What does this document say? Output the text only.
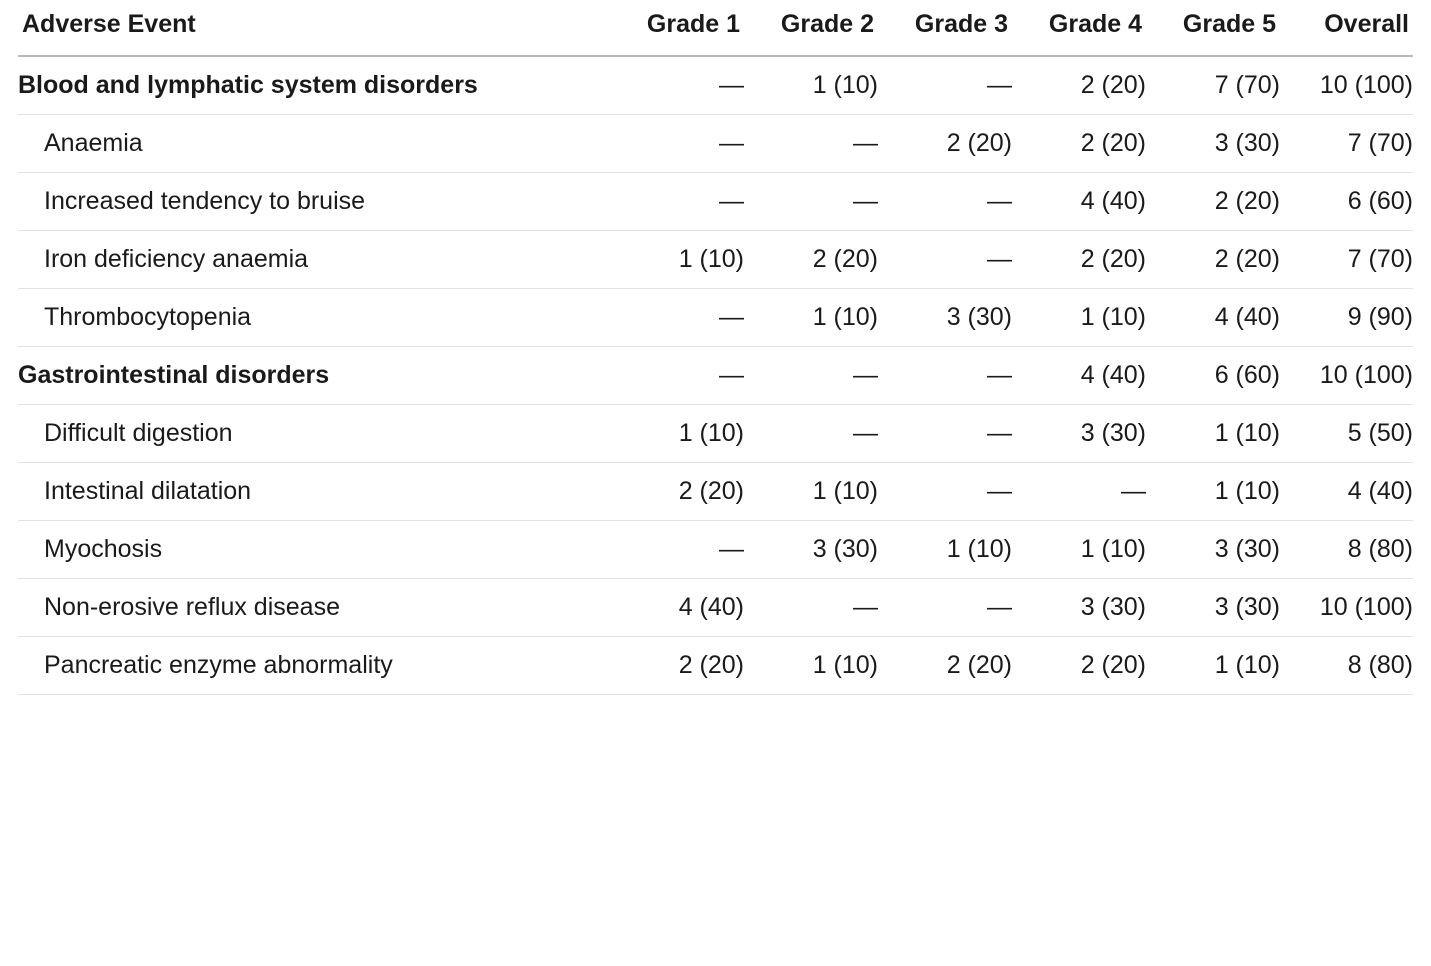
Adverse Event	Grade 1	Grade 2	Grade 3	Grade 4	Grade 5	Overall
Blood and lymphatic system disorders	—	1 (10)	—	2 (20)	7 (70)	10 (100)
Anaemia	—	—	2 (20)	2 (20)	3 (30)	7 (70)
Increased tendency to bruise	—	—	—	4 (40)	2 (20)	6 (60)
Iron deficiency anaemia	1 (10)	2 (20)	—	2 (20)	2 (20)	7 (70)
Thrombocytopenia	—	1 (10)	3 (30)	1 (10)	4 (40)	9 (90)
Gastrointestinal disorders	—	—	—	4 (40)	6 (60)	10 (100)
Difficult digestion	1 (10)	—	—	3 (30)	1 (10)	5 (50)
Intestinal dilatation	2 (20)	1 (10)	—	—	1 (10)	4 (40)
Myochosis	—	3 (30)	1 (10)	1 (10)	3 (30)	8 (80)
Non-erosive reflux disease	4 (40)	—	—	3 (30)	3 (30)	10 (100)
Pancreatic enzyme abnormality	2 (20)	1 (10)	2 (20)	2 (20)	1 (10)	8 (80)
